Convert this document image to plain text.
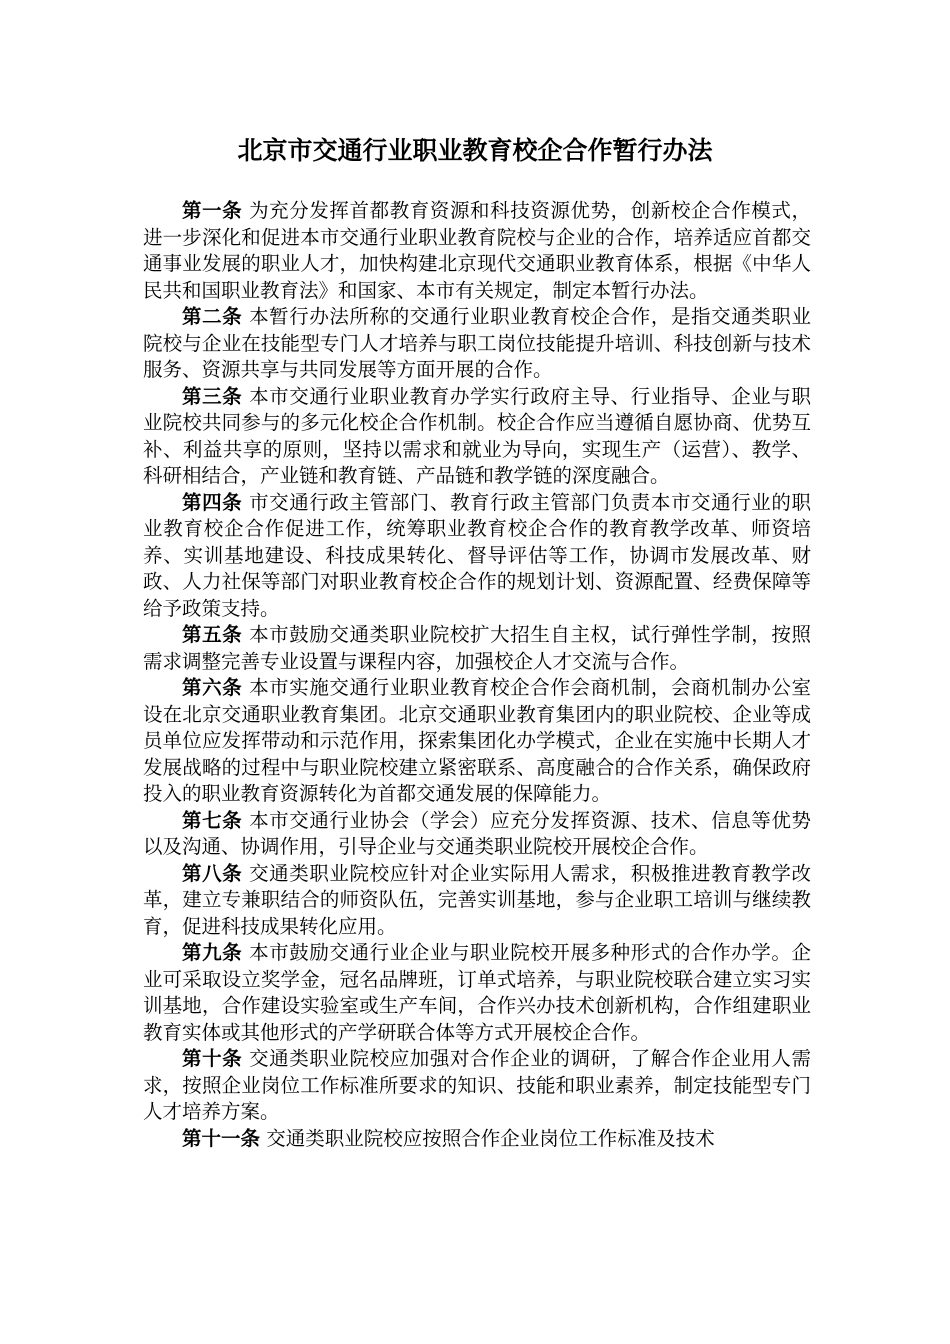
北京市交通行业职业教育校企合作暂行办法

第一条 为充分发挥首都教育资源和科技资源优势，创新校企合作模式，进一步深化和促进本市交通行业职业教育院校与企业的合作，培养适应首都交通事业发展的职业人才，加快构建北京现代交通职业教育体系，根据《中华人民共和国职业教育法》和国家、本市有关规定，制定本暂行办法。

第二条 本暂行办法所称的交通行业职业教育校企合作，是指交通类职业院校与企业在技能型专门人才培养与职工岗位技能提升培训、科技创新与技术服务、资源共享与共同发展等方面开展的合作。

第三条 本市交通行业职业教育办学实行政府主导、行业指导、企业与职业院校共同参与的多元化校企合作机制。校企合作应当遵循自愿协商、优势互补、利益共享的原则，坚持以需求和就业为导向，实现生产（运营）、教学、科研相结合，产业链和教育链、产品链和教学链的深度融合。

第四条 市交通行政主管部门、教育行政主管部门负责本市交通行业的职业教育校企合作促进工作，统筹职业教育校企合作的教育教学改革、师资培养、实训基地建设、科技成果转化、督导评估等工作，协调市发展改革、财政、人力社保等部门对职业教育校企合作的规划计划、资源配置、经费保障等给予政策支持。

第五条 本市鼓励交通类职业院校扩大招生自主权，试行弹性学制，按照需求调整完善专业设置与课程内容，加强校企人才交流与合作。

第六条 本市实施交通行业职业教育校企合作会商机制，会商机制办公室设在北京交通职业教育集团。北京交通职业教育集团内的职业院校、企业等成员单位应发挥带动和示范作用，探索集团化办学模式，企业在实施中长期人才发展战略的过程中与职业院校建立紧密联系、高度融合的合作关系，确保政府投入的职业教育资源转化为首都交通发展的保障能力。

第七条 本市交通行业协会（学会）应充分发挥资源、技术、信息等优势以及沟通、协调作用，引导企业与交通类职业院校开展校企合作。

第八条 交通类职业院校应针对企业实际用人需求，积极推进教育教学改革，建立专兼职结合的师资队伍，完善实训基地，参与企业职工培训与继续教育，促进科技成果转化应用。

第九条 本市鼓励交通行业企业与职业院校开展多种形式的合作办学。企业可采取设立奖学金，冠名品牌班，订单式培养，与职业院校联合建立实习实训基地，合作建设实验室或生产车间，合作兴办技术创新机构，合作组建职业教育实体或其他形式的产学研联合体等方式开展校企合作。

第十条 交通类职业院校应加强对合作企业的调研，了解合作企业用人需求，按照企业岗位工作标准所要求的知识、技能和职业素养，制定技能型专门人才培养方案。

第十一条 交通类职业院校应按照合作企业岗位工作标准及技术
